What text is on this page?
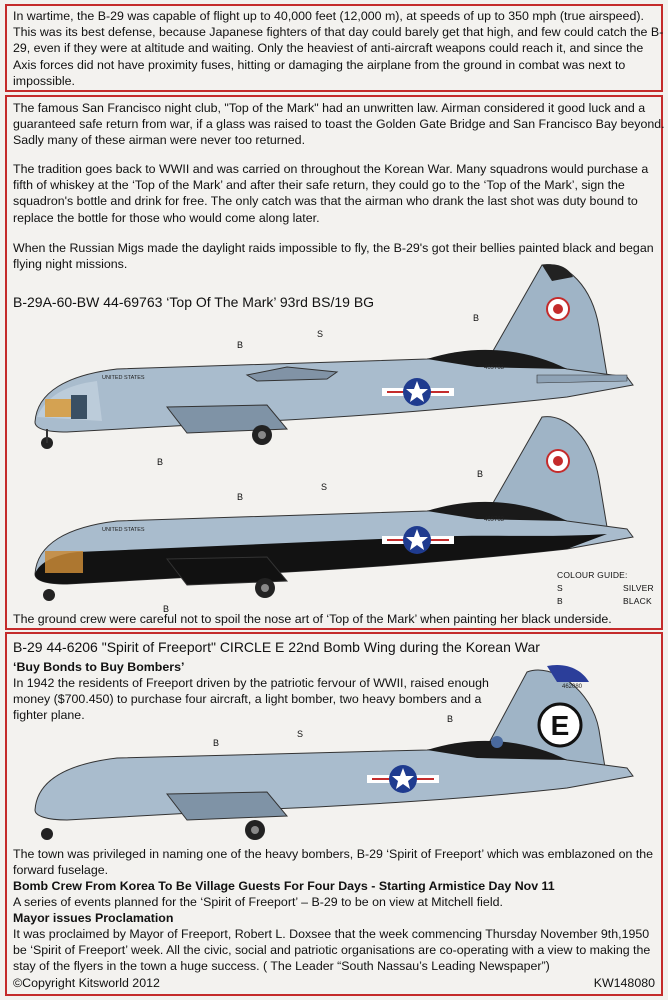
In wartime, the B-29 was capable of flight up to 40,000 feet (12,000 m), at speeds of up to 350 mph (true airspeed). This was its best defense, because Japanese fighters of that day could barely get that high, and few could catch the B-29, even if they were at altitude and waiting. Only the heaviest of anti-aircraft weapons could reach it, and since the Axis forces did not have proximity fuses, hitting or damaging the airplane from the ground in combat was next to impossible.

The famous San Francisco night club, "Top of the Mark" had an unwritten law. Airman considered it good luck and a guaranteed safe return from war, if a glass was raised to toast the Golden Gate Bridge and San Francisco Bay beyond. Sadly many of these airman were never too returned.

The tradition goes back to WWII and was carried on throughout the Korean War. Many squadrons would purchase a fifth of whiskey at the ‘Top of the Mark’ and after their safe return, they could go to the ‘Top of the Mark’, sign the squadron's bottle and drink for free. The only catch was that the airman who drank the last shot was duty bound to replace the bottle for those who would come along later.

When the Russian Migs made the daylight raids impossible to fly, the B-29's got their bellies painted black and began flying night missions.

B-29A-60-BW 44-69763 ‘Top Of The Mark’ 93rd BS/19 BG

UNITED STATES
469763
B
S
B
B
UNITED STATES
469763
B
S
B
B
COLOUR GUIDE:
S	SILVER
B	BLACK

The ground crew were careful not to spoil the nose art of ‘Top of the Mark’ when painting her black underside.

B-29 44-6206 "Spirit of Freeport" CIRCLE E 22nd Bomb Wing during the Korean War

‘Buy Bonds to Buy Bombers’

In 1942 the residents of Freeport driven by the patriotic fervour of WWII, raised enough money ($700.450) to purchase four aircraft, a light bomber, two heavy bombers and a fighter plane.	E
462080
B
S
B

The town was privileged in naming one of the heavy bombers, B-29 ‘Spirit of Freeport’ which was emblazoned on the forward fuselage.

Bomb Crew From Korea To Be Village Guests For Four Days - Starting Armistice Day Nov 11

A series of events planned for the ‘Spirit of Freeport’ – B-29 to be on view at Mitchell field.

Mayor issues Proclamation

It was proclaimed by Mayor of Freeport, Robert L. Doxsee that the week commencing Thursday November 9th,1950 be ‘Spirit of Freeport’ week. All the civic, social and patriotic organisations are co-operating with a view to making the stay of the flyers in the town a huge success. ( The Leader “South Nassau’s Leading Newspaper”)

©Copyright Kitsworld 2012	KW148080
